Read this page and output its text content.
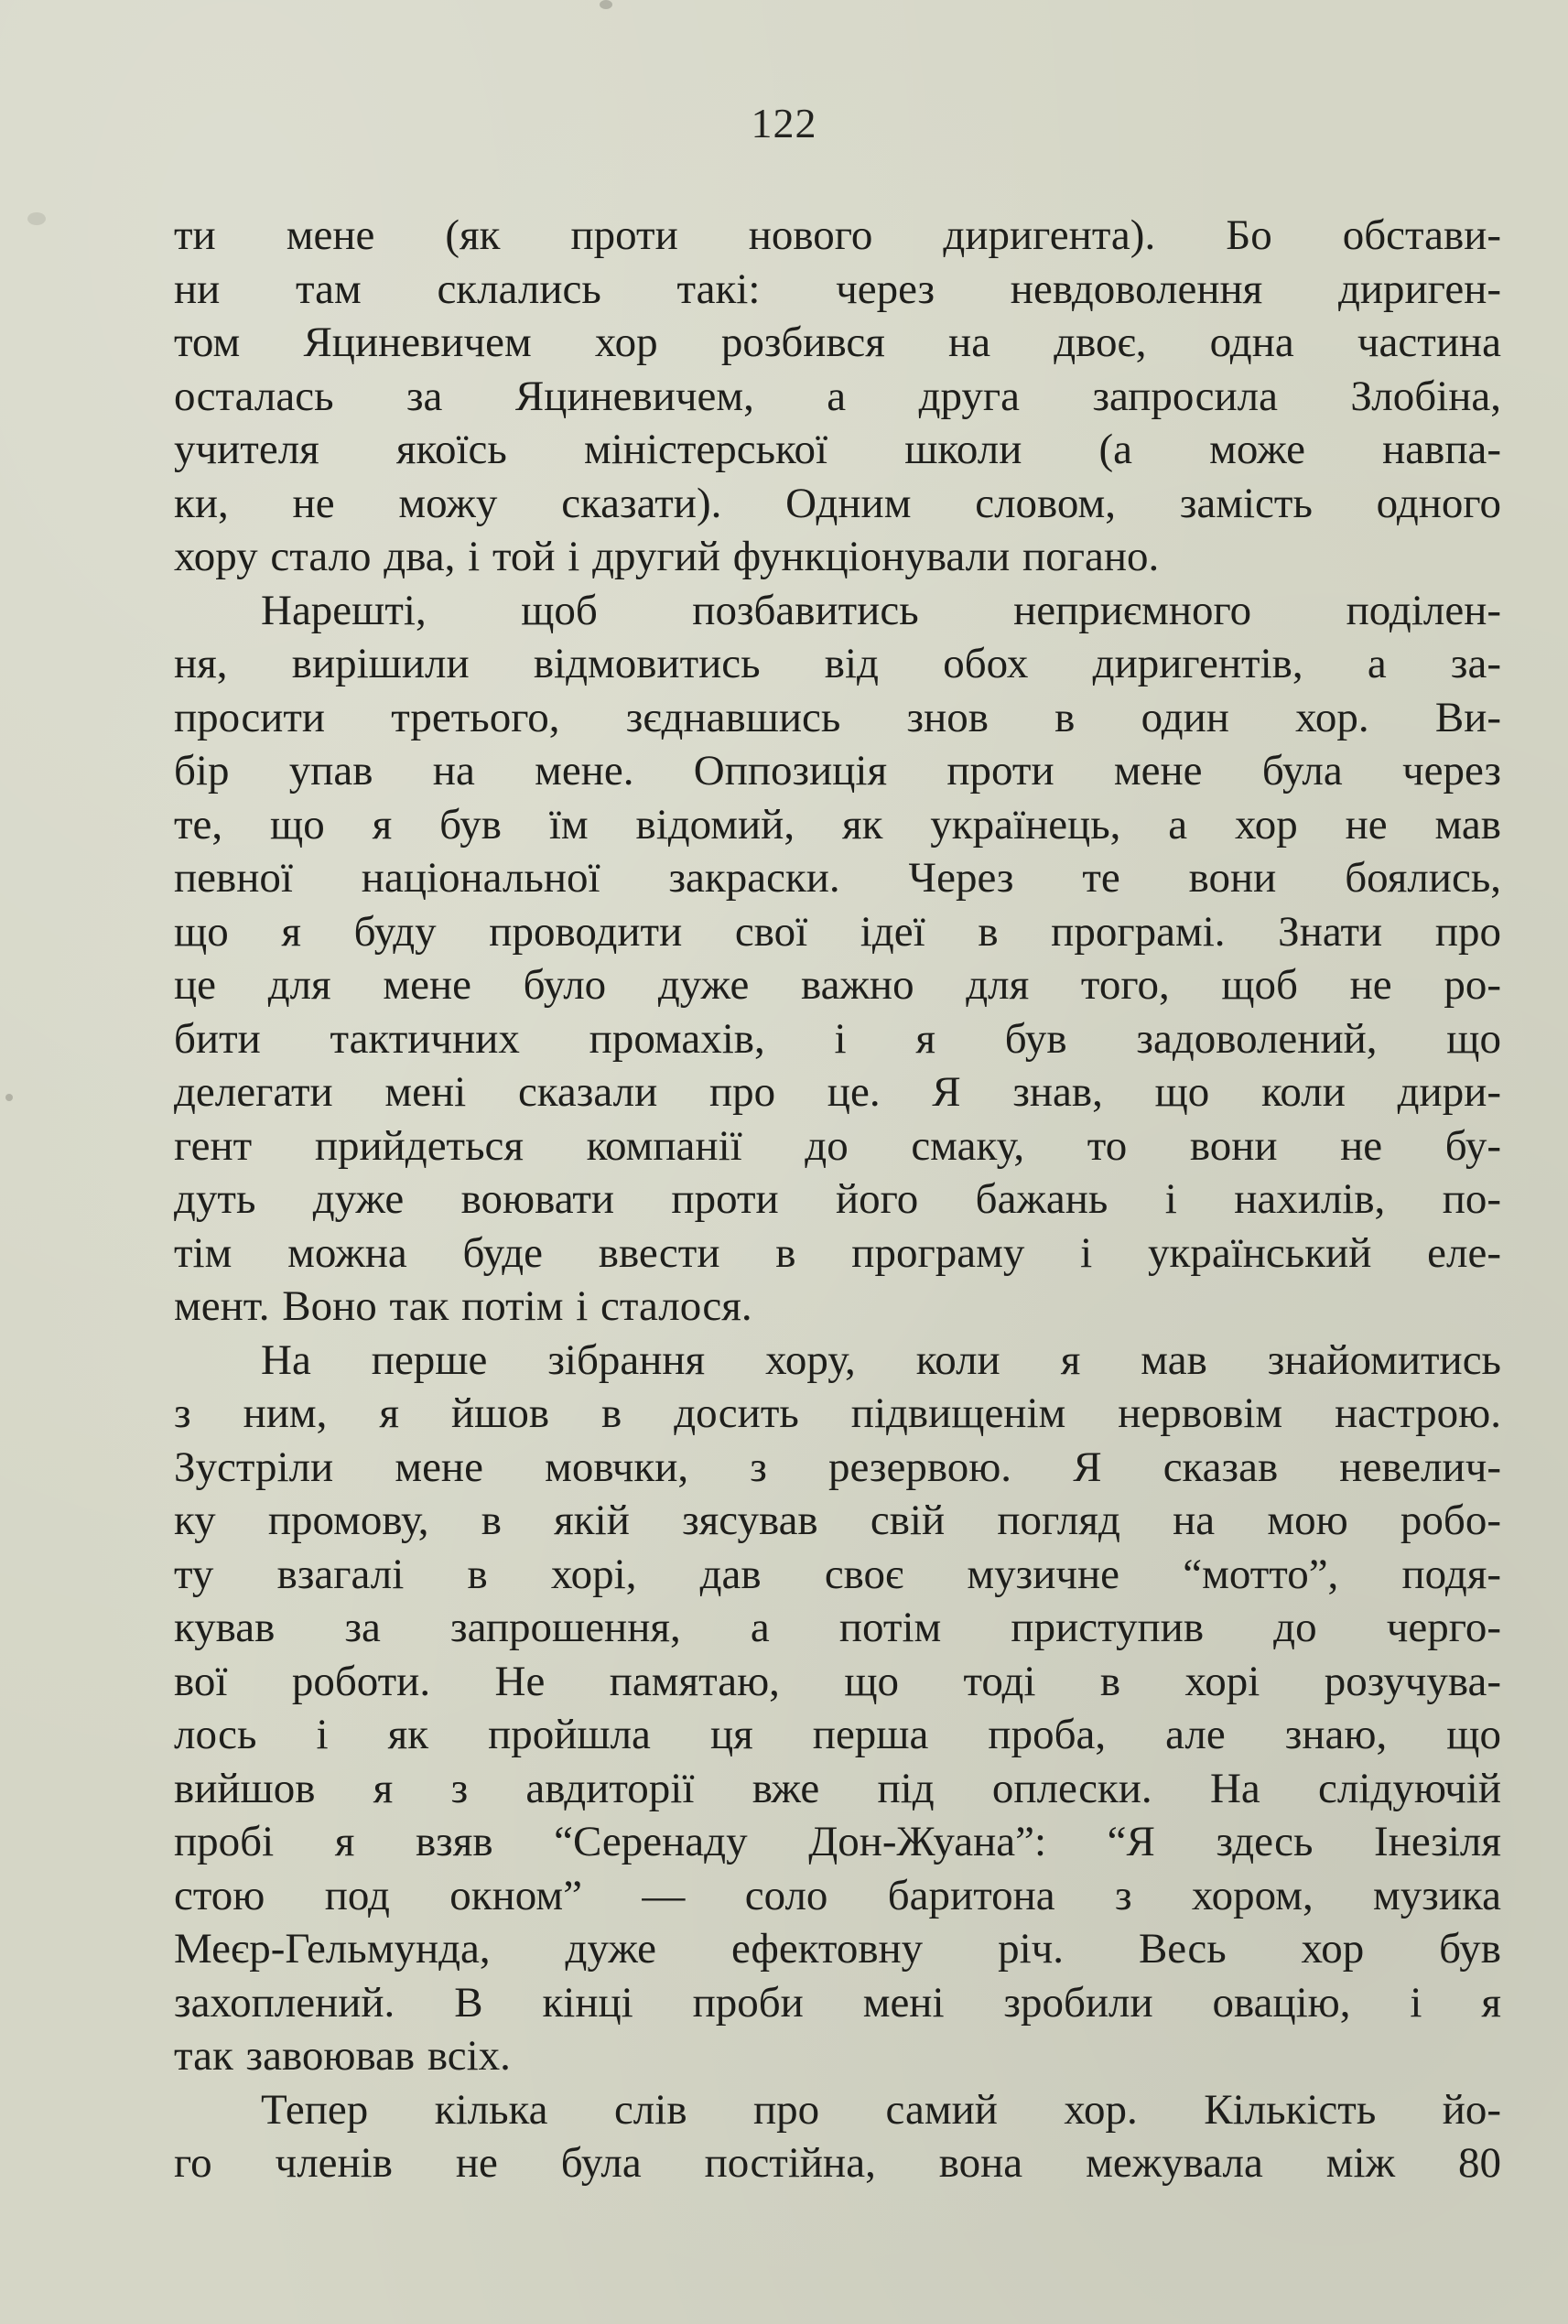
122
ти мене (як проти нового диригента). Бо обстави-
ни там склались такі: через невдоволення дириген-
том Яциневичем хор розбився на двоє, одна частина
осталась за Яциневичем, а друга запросила Злобіна,
учителя якоїсь міністерської школи (а може навпа-
ки, не можу сказати). Одним словом, замість одного
хору стало два, і той і другий функціонували погано.
Нарешті, щоб позбавитись неприємного поділен-
ня, вирішили відмовитись від обох диригентів, а за-
просити третього, зєднавшись знов в один хор. Ви-
бір упав на мене. Оппозиція проти мене була через
те, що я був їм відомий, як українець, а хор не мав
певної національної закраски. Через те вони боялись,
що я буду проводити свої ідеї в програмі. Знати про
це для мене було дуже важно для того, щоб не ро-
бити тактичних промахів, і я був задоволений, що
делегати мені сказали про це. Я знав, що коли дири-
гент прийдеться компанії до смаку, то вони не бу-
дуть дуже воювати проти його бажань і нахилів, по-
тім можна буде ввести в програму і український еле-
мент. Воно так потім і сталося.
На перше зібрання хору, коли я мав знайомитись
з ним, я йшов в досить підвищенім нервовім настрою.
Зустріли мене мовчки, з резервою. Я сказав невелич-
ку промову, в якій зясував свій погляд на мою робо-
ту взагалі в хорі, дав своє музичне “мотто”, подя-
кував за запрошення, а потім приступив до черго-
вої роботи. Не памятаю, що тоді в хорі розучува-
лось і як пройшла ця перша проба, але знаю, що
вийшов я з авдиторії вже під оплески. На слідуючій
пробі я взяв “Серенаду Дон-Жуана”: “Я здесь Інезіля
стою под окном” — соло баритона з хором, музика
Меєр-Гельмунда, дуже ефектовну річ. Весь хор був
захоплений. В кінці проби мені зробили овацію, і я
так завоював всіх.
Тепер кілька слів про самий хор. Кількість йо-
го членів не була постійна, вона межувала між 80
